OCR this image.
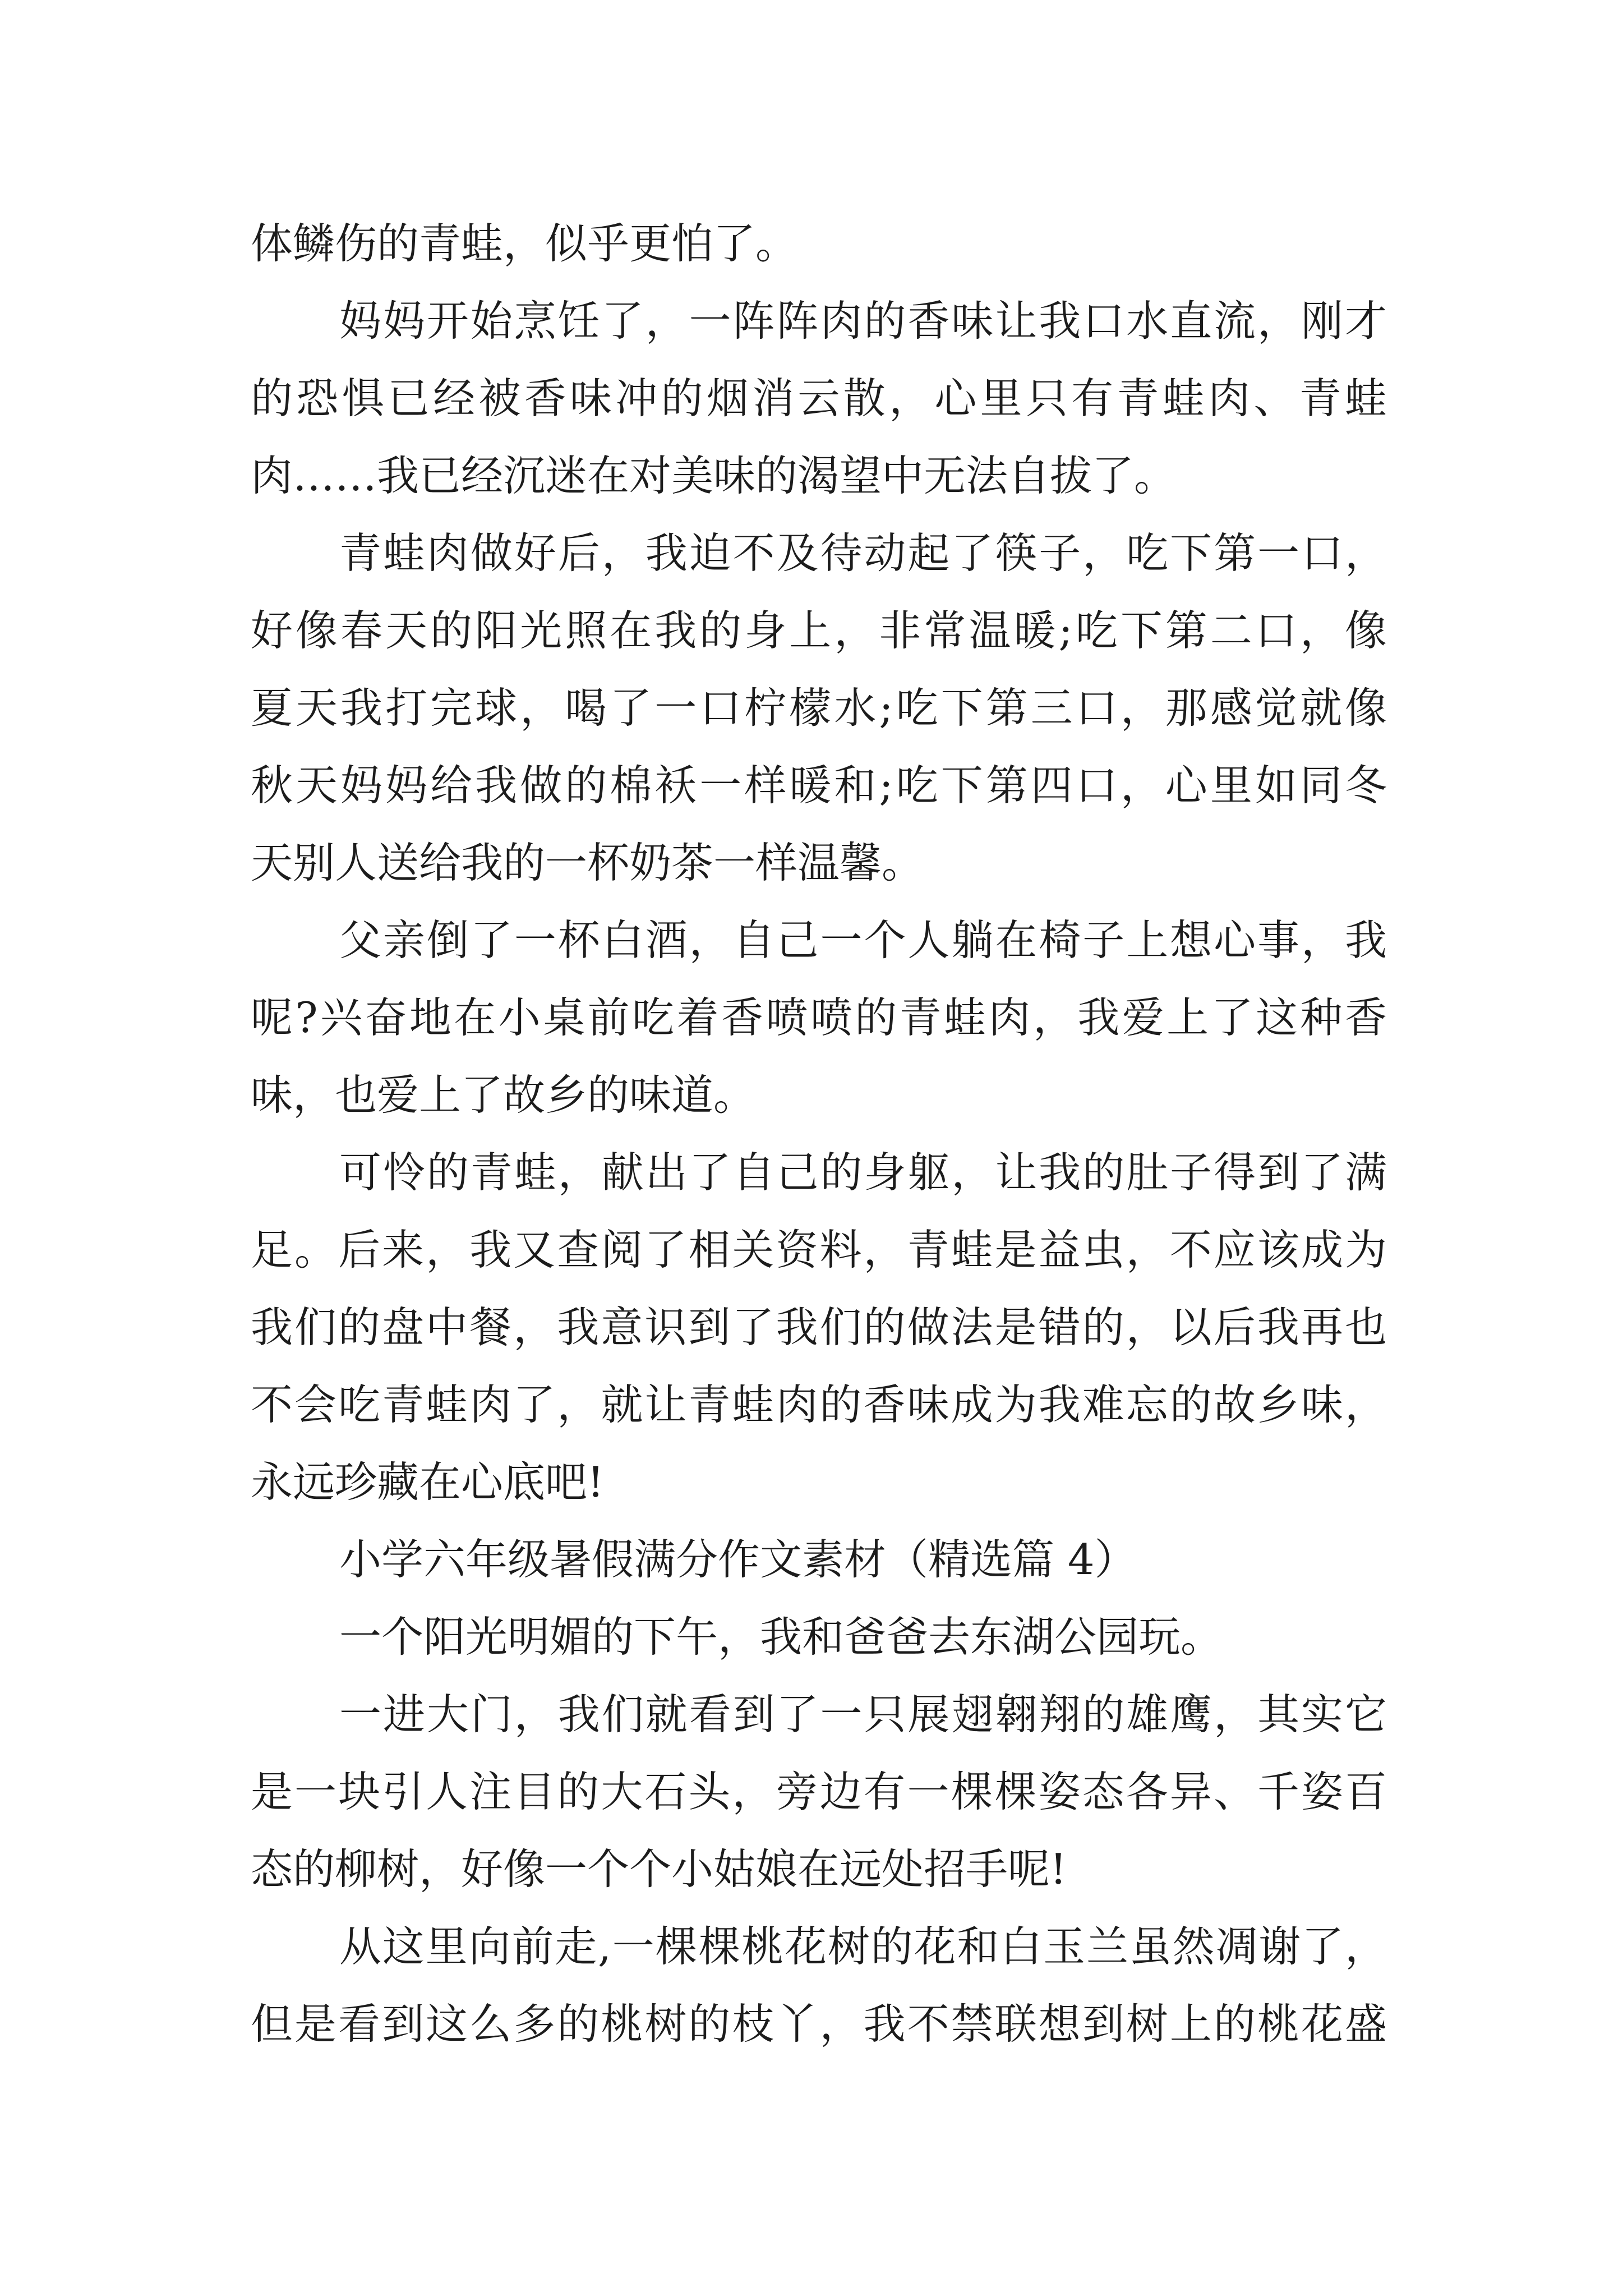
体鳞伤的青蛙，似乎更怕了。
妈妈开始烹饪了，一阵阵肉的香味让我口水直流，刚才
的恐惧已经被香味冲的烟消云散，心里只有青蛙肉、青蛙
肉……我已经沉迷在对美味的渴望中无法自拔了。
青蛙肉做好后，我迫不及待动起了筷子，吃下第一口，
好像春天的阳光照在我的身上，非常温暖;吃下第二口，像
夏天我打完球，喝了一口柠檬水;吃下第三口，那感觉就像
秋天妈妈给我做的棉袄一样暖和;吃下第四口，心里如同冬
天别人送给我的一杯奶茶一样温馨。
父亲倒了一杯白酒，自己一个人躺在椅子上想心事，我
呢?兴奋地在小桌前吃着香喷喷的青蛙肉，我爱上了这种香
味，也爱上了故乡的味道。
可怜的青蛙，献出了自己的身躯，让我的肚子得到了满
足。后来，我又查阅了相关资料，青蛙是益虫，不应该成为
我们的盘中餐，我意识到了我们的做法是错的，以后我再也
不会吃青蛙肉了，就让青蛙肉的香味成为我难忘的故乡味，
永远珍藏在心底吧!
小学六年级暑假满分作文素材（精选篇 4）
一个阳光明媚的下午，我和爸爸去东湖公园玩。
一进大门，我们就看到了一只展翅翱翔的雄鹰，其实它
是一块引人注目的大石头，旁边有一棵棵姿态各异、千姿百
态的柳树，好像一个个小姑娘在远处招手呢!
从这里向前走,一棵棵桃花树的花和白玉兰虽然凋谢了，
但是看到这么多的桃树的枝丫，我不禁联想到树上的桃花盛
